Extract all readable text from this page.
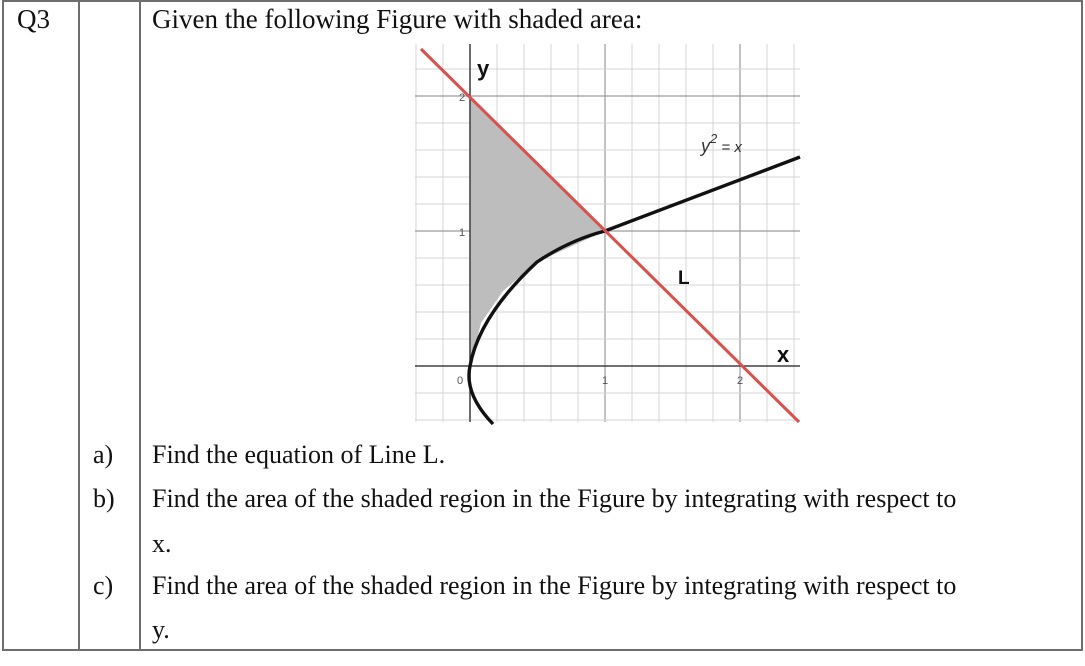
Q3	Given the following Figure with shaded area:
y
x
L
0	1	2
1
2
$y^2 = x$
a) Find the equation of Line L.
b) Find the area of the shaded region in the Figure by integrating with respect to
x.
c) Find the area of the shaded region in the Figure by integrating with respect to
y.
